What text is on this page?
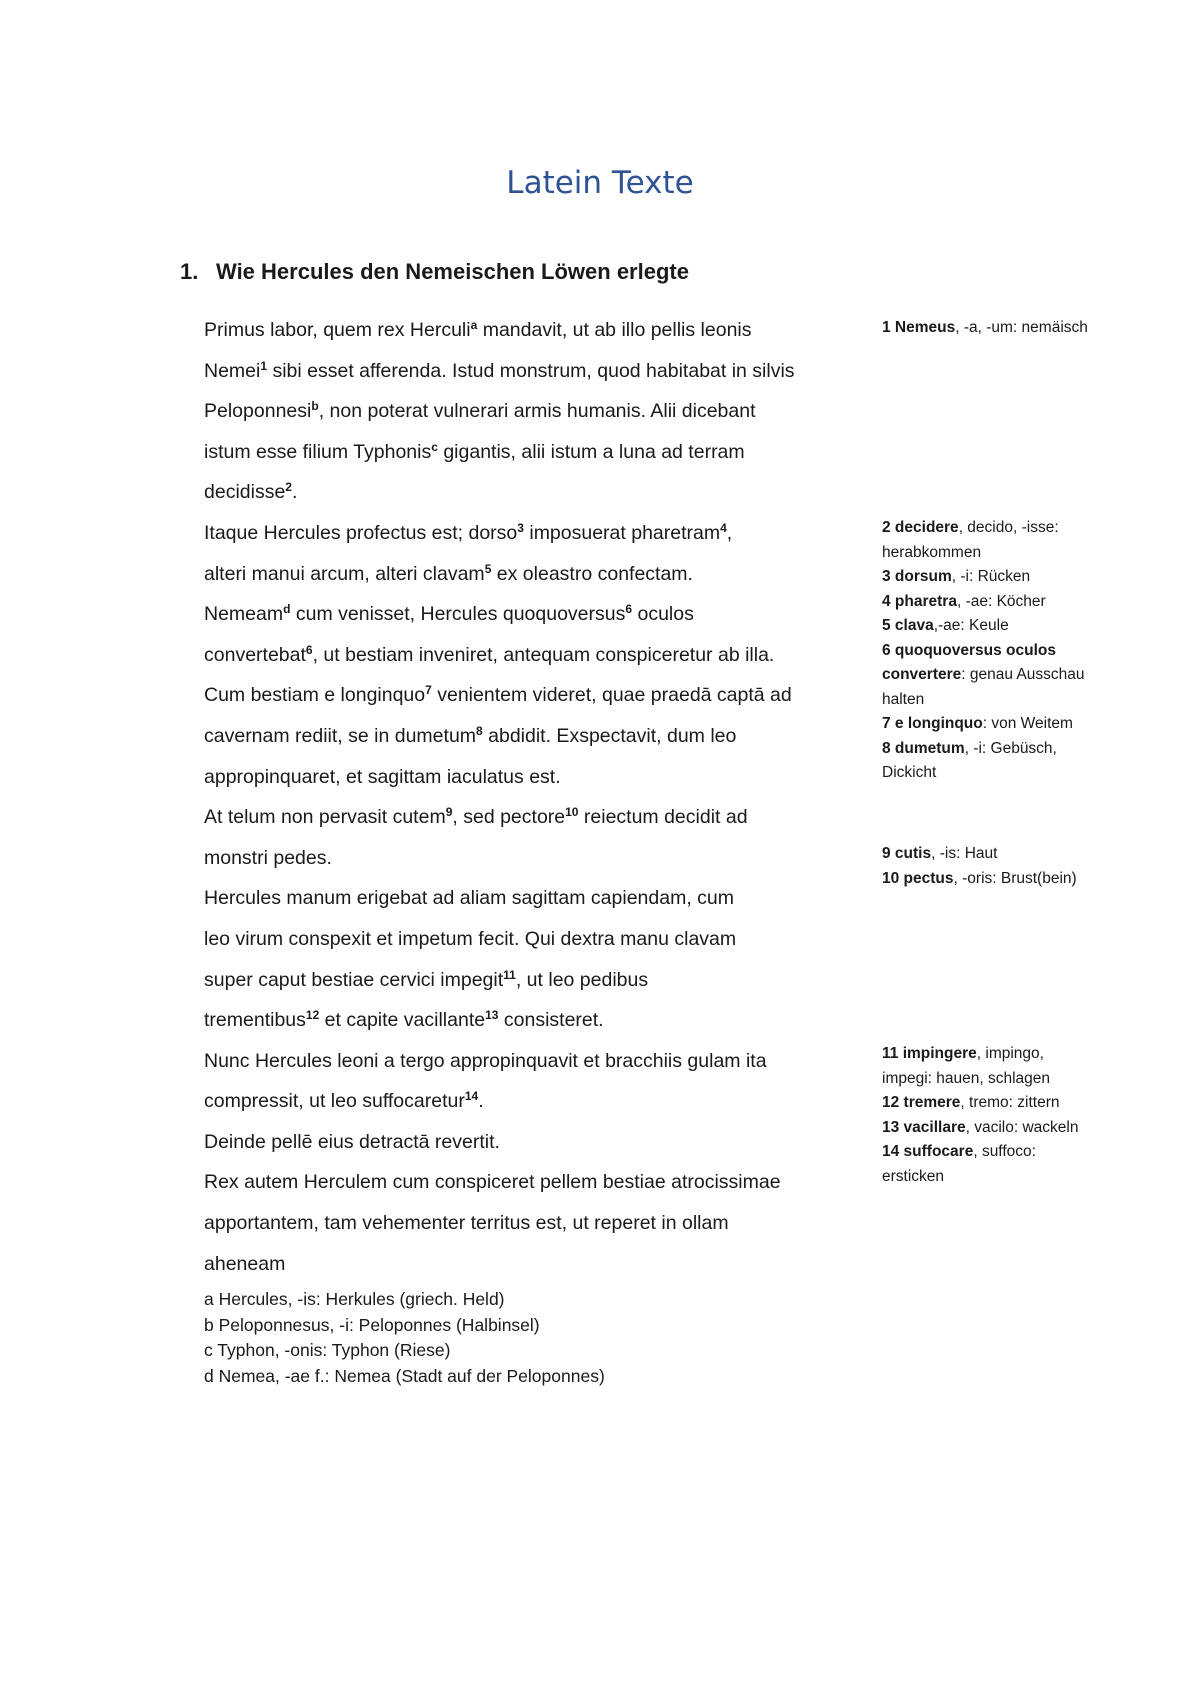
Latein Texte
1. Wie Hercules den Nemeischen Löwen erlegte
Primus labor, quem rex Herculi$^a$ mandavit, ut ab illo pellis leonis
Nemei$^1$ sibi esset afferenda. Istud monstrum, quod habitabat in silvis
Peloponnesi$^b$, non poterat vulnerari armis humanis. Alii dicebant
istum esse filium Typhonis$^c$ gigantis, alii istum a luna ad terram
decidisse$^2$.
Itaque Hercules profectus est; dorso$^3$ imposuerat pharetram$^4$,
alteri manui arcum, alteri clavam$^5$ ex oleastro confectam.
Nemeam$^d$ cum venisset, Hercules quoquoversus$^6$ oculos
convertebat$^6$, ut bestiam inveniret, antequam conspiceretur ab illa.
Cum bestiam e longinquo$^7$ venientem videret, quae praedā captā ad
cavernam rediit, se in dumetum$^8$ abdidit. Exspectavit, dum leo
appropinquaret, et sagittam iaculatus est.
At telum non pervasit cutem$^9$, sed pectore$^{10}$ reiectum decidit ad
monstri pedes.
Hercules manum erigebat ad aliam sagittam capiendam, cum
leo virum conspexit et impetum fecit. Qui dextra manu clavam
super caput bestiae cervici impegit$^{11}$, ut leo pedibus
trementibus$^{12}$ et capite vacillante$^{13}$ consisteret.
Nunc Hercules leoni a tergo appropinquavit et bracchiis gulam ita
compressit, ut leo suffocaretur$^{14}$.
Deinde pellē eius detractā revertit.
Rex autem Herculem cum conspiceret pellem bestiae atrocissimae
apportantem, tam vehementer territus est, ut reperet in ollam
aheneam
a Hercules, -is: Herkules (griech. Held)
b Peloponnesus, -i: Peloponnes (Halbinsel)
c Typhon, -onis: Typhon (Riese)
d Nemea, -ae f.: Nemea (Stadt auf der Peloponnes)
1 Nemeus, -a, -um: nemäisch
2 decidere, decido, -isse: herabkommen
3 dorsum, -i: Rücken
4 pharetra, -ae: Köcher
5 clava,-ae: Keule
6 quoquoversus oculos convertere: genau Ausschau halten
7 e longinquo: von Weitem
8 dumetum, -i: Gebüsch, Dickicht
9 cutis, -is: Haut
10 pectus, -oris: Brust(bein)
11 impingere, impingo, impegi: hauen, schlagen
12 tremere, tremo: zittern
13 vacillare, vacilo: wackeln
14 suffocare, suffoco: ersticken
